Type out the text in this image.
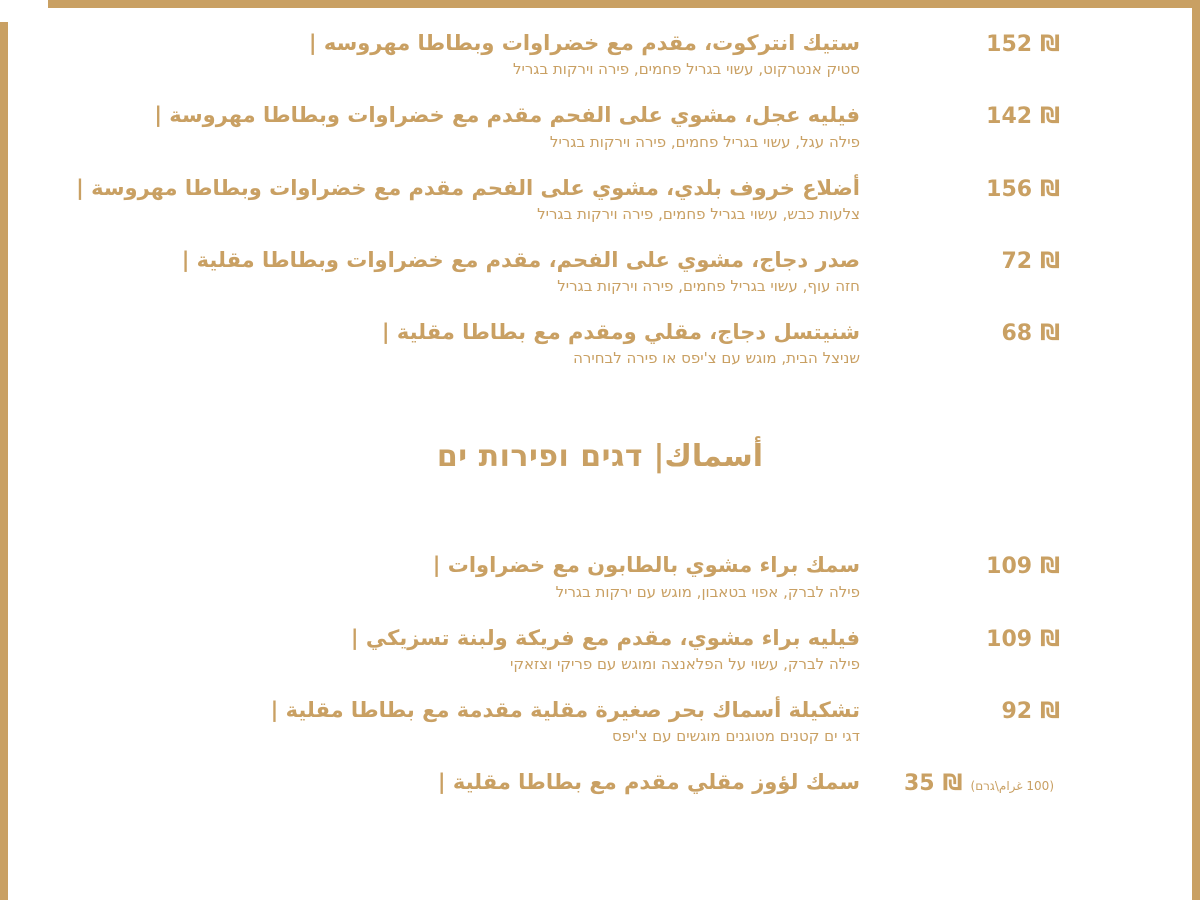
152 ₪
ستيك انتركوت، مقدم مع خضراوات وبطاطا مهروسه |
סטיק אנטרקוט, עשוי בגריל פחמים, פירה וירקות בגריל
142 ₪
فيليه عجل، مشوي على الفحم مقدم مع خضراوات وبطاطا مهروسة |
פילה עגל, עשוי בגריל פחמים, פירה וירקות בגריל
156 ₪
أضلاع خروف بلدي، مشوي على الفحم مقدم مع خضراوات وبطاطا مهروسة |
צלעות כבש, עשוי בגריל פחמים, פירה וירקות בגריל
72 ₪
صدر دجاج، مشوي على الفحم، مقدم مع خضراوات وبطاطا مقلية |
חזה עוף, עשוי בגריל פחמים, פירה וירקות בגריל
68 ₪
شنيتسل دجاج، مقلي ومقدم مع بطاطا مقلية |
שניצל הבית, מוגש עם צ'יפס או פירה לבחירה
أسماك| דגים ופירות ים
109 ₪
سمك براء مشوي بالطابون مع خضراوات |
פילה לברק, אפוי בטאבון, מוגש עם ירקות בגריל
109 ₪
فيليه براء مشوي، مقدم مع فريكة ولبنة تسزيكي |
פילה לברק, עשוי על הפלאנצה ומוגש עם פריקי וצזאקי
92 ₪
تشكيلة أسماك بحر صغيرة مقلية مقدمة مع بطاطا مقلية |
דגי ים קטנים מטוגנים מוגשים עם צ'יפס
35 ₪ (100 غرام\גרם)
سمك لؤوز مقلي مقدم مع بطاطا مقلية |
